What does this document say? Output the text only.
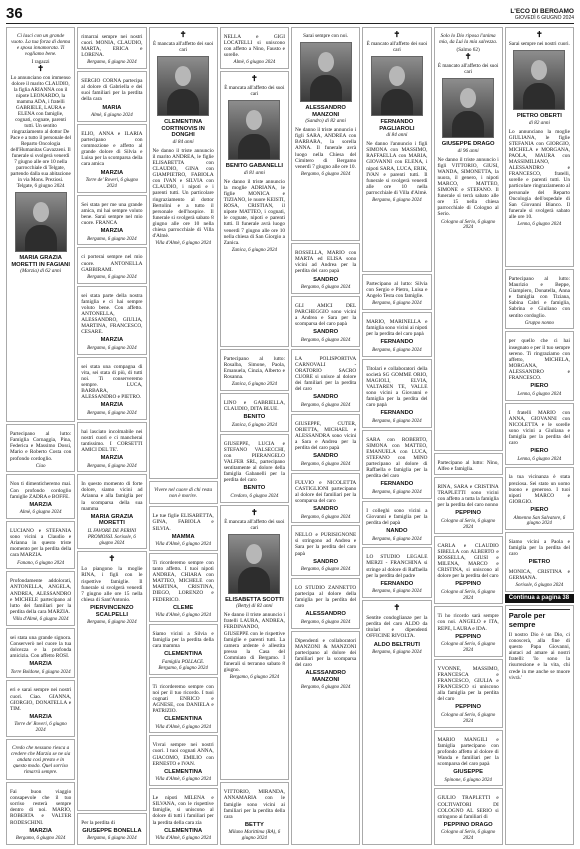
36	L'ECO DI BERGAMO
GIOVEDÌ 6 GIUGNO 2024
Ci lasci con un grande vuoto. La tua forza di donna e sposa innamorata. Ti vogliamo bene.
I ragazzi
✝
Lo annunciano con immenso dolore il marito CLAUDIO, la figlia ARIANNA con il nipote LEONARDO, la mamma ADA, i fratelli GABRIELE, LAURA e ELENA con famiglie, cognati, cognate, parenti tutti. Un sentito ringraziamento al dottor De Pace e a tutto il personale del Reparto Oncologia dell'Humanitas Gavazzeni. Il funerale si svolgerà venerdì 7 giugno alle ore 10 nella parrocchiale di Telgate, partendo dalla sua abitazione in via Mons. Preziosi. Telgate, 6 giugno 2024
MARIA GRAZIA MORETTI IN FAGIANI
(Marzia) di 62 anni
Partecipano al lutto: Famiglia Cornaggia, Pina, Federica e Massimo Dossi, Mario e Roberto Costa con profondo cordoglio.
Ciao
Non ti dimenticheremo mai. Con profondo cordoglio famiglie ZADRA e BOFFE.
MARZIA
Almè, 6 giugno 2024
LUCIANO e STEFANIA sono vicini a Claudio e Arianna in questo triste momento per la perdita della cara MARZIA.
Fanano, 6 giugno 2024
Profondamente addolorati, ANTONELLA, ANGELA, ANDREA, ALESSANDRO e MICHELE partecipano al lutto dei familiari per la perdita della cara MARZIA.
Villa d'Almè, 6 giugno 2024
sei stata una grande signora. Conserverò nel cuore la tua dolcezza e la profonda amicizia. Con affetto ROSI.
MARZIA
Torre Boldone, 6 giugno 2024
eri e sarai sempre nei nostri cuori. Ciao. GIANNA, GIORGIO, DONATELLA e TIM.
MARZIA
Torre de' Roveri, 6 giugno 2024
Credo che nessuno riesca a credere che Marzia se ne sia andata così presto e in questo modo. Quel sorriso rimarrà sempre.
Fai buon viaggio consapevole che il tuo sorriso resterà sempre dentro di noi. MARIO, ROBERTA e VALTER RODESCHINI.
MARZIA
Bergamo, 6 giugno 2024
rimarrai sempre nei nostri cuori. MONIA, CLAUDIO, MARTA, ERICA e LORENA.
Bergamo, 6 giugno 2024
SERGIO CORNA partecipa al dolore di Gabriella e dei suoi familiari per la perdita della cara
MARIA
Almè, 6 giugno 2024
ELIO, ANNA e ILARIA partecipano con commozione e affetto al grande dolore di Silvia e Luisa per la scomparsa della cara amica
MARZIA
Torre de' Roveri, 6 giugno 2024
Sei stata per me una grande amica, mi hai sempre voluto bene. Sarai sempre nel mio cuore. FRANCA
MARZIA
Bergamo, 6 giugno 2024
ci porterai sempre nel mio cuore. ANTONELLA GABBIRAMI.
Bergamo, 6 giugno 2024
sei stata parte della nostra famiglia e ci hai sempre voluto bene. Con affetto. ANTONELLA, ALESSANDRO, GIULIA, MARTINA, FRANCESCO, CESARE.
MARZIA
Bergamo, 6 giugno 2024
sei stata una compagna di vita, sei stata di più, di tutti noi. Ti conserveremo sempre. LUCA, BARBARA, ALESSANDRO e PIETRO.
MARZIA
Bergamo, 6 giugno 2024
hai lasciato incolmabile nei nostri cuori e ci mancherai tantissimo. I CORSETTI AMICI DEL TE'.
MARZIA
Bergamo, 6 giugno 2024
In questo momento di forte dolore, siamo vicini ad Arianna e alla famiglia per la scomparsa della sua mamma
MARIA GRAZIA MORETTI
IL FAVORE DE PERINI PROMOSSI. Sorisole, 6 giugno 2024
✝
Lo piangono la moglie RINA, i figli con le rispettive famiglie. Il funerale si svolgerà venerdì 7 giugno alle ore 15 nella chiesa di Sant'Antonio.
PIERVINCENZO SCALPELLI
Bergamo, 6 giugno 2024
Per la perdita di
GIUSEPPE BONELLA
Bergamo, 6 giugno 2024
✝
È mancata all'affetto dei suoi cari
CLEMENTINA CORTINOVIS IN DONGHI
di 84 anni
Ne danno il triste annuncio il marito ANDREA, le figlie ELISABETTA con CLAUDIO, GINA con GIAMPIETRO, FABIOLA con IVAN e SILVIA con CLAUDIO, i nipoti e i parenti tutti. Un particolare ringraziamento al dottor Bertolini e a tutto il personale dell'hospice. Il funerale si svolgerà sabato 8 giugno alle ore 10 nella chiesa parrocchiale di Villa d'Almè.
Villa d'Almè, 6 giugno 2024
Vivere nel cuore di chi resta non è morire.
Le tue figlie ELISABETTA, GINA, FABIOLA e SILVIA.
MAMMA
Villa d'Almè, 6 giugno 2024
Ti ricorderemo sempre con tanto affetto. I tuoi nipoti ANDREA, CHIARA con MATTEO, MICHELE con MARTINA, CRISTINA, DIEGO, LORENZO e FEDERICO.
CLEME
Villa d'Almè, 6 giugno 2024
Siamo vicini a Silvia e famiglia per la perdita della cara mamma
CLEMENTINA
Famiglia POLLACE. Bergamo, 6 giugno 2024
Ti ricorderemo sempre con noi per il tuo ricordo. I tuoi cognati ENRICO e AGNESE, con DANIELA e PATRIZIO.
CLEMENTINA
Villa d'Almè, 6 giugno 2024
Vivrai sempre nei nostri cuori. I tuoi cognati ANNA, GIACOMO, EMILIO con ERNESTO e IVAN.
CLEMENTINA
Villa d'Almè, 6 giugno 2024
Le nipoti MILENA e SILVANA, con le rispettive famiglie, si uniscono al dolore di tutti i familiari per la perdita della cara zia
CLEMENTINA
Villa d'Almè, 6 giugno 2024
NELLA e GIGI LOCATELLI si uniscono con affetto a Nino, Fausto e sorelle.
Almè, 6 giugno 2024
✝
È mancata all'affetto dei suoi cari
BENITO GABANELLI
di 81 anni
Ne danno il triste annuncio la moglie ADRIANA, le figlie MONICA e TIZIANO, le nuore KEISTI, ROSA, CRISTIAN, il nipote MATTEO, i cognati, le cognate, nipoti e parenti tutti. Il funerale avrà luogo venerdì 7 giugno alle ore 10 nella chiesa di San Giorgio a Zanica.
Zanica, 6 giugno 2024
Partecipano al lutto: Rosalba, Simone, Paola, Emanuela, Cinzia, Alberto e Rosanna.
Zanica, 6 giugno 2024
LINO e GABRIELLA, CLAUDIO, DITA BLUE.
BENITO
Zanica, 6 giugno 2024
GIUSEPPE, LUCIA e STEFANO VALSECCHI, con PIERANGELO VALFER SRL, partecipano sentitamente al dolore della famiglia Gabanelli per la perdita del caro
BENITO
Credaro, 6 giugno 2024
✝
È mancata all'affetto dei suoi cari
ELISABETTA SCOTTI
(Betty) di 82 anni
Ne danno il triste annuncio i fratelli LAURA, ANDREA, FERDINANDO, GIUSEPPE con le rispettive famiglie e parenti tutti. La camera ardente è allestita presso la Casa del Commiato di Bergamo. I funerali si terranno sabato 8 giugno.
Bergamo, 6 giugno 2024
VITTORIO, MIRANDA, ANNAMARIA con le famiglie sono vicini ai familiari per la perdita della cara
BETTY
Milano Marittima (RA), 6 giugno 2024
Sarai sempre con noi.
ALESSANDRO MANZONI
(Sandro) di 82 anni
Ne danno il triste annuncio i figli SARA, ANDREA con BARBARA, la sorella ANNA. Il funerale avrà luogo nella Chiesa del Cimitero di Bergamo venerdì 7 giugno alle ore 10.
Bergamo, 6 giugno 2024
ROSSELLA, MARIO con MARTA ed ELISA sono vicini ad Andrea per la perdita del caro papà
SANDRO
Bergamo, 6 giugno 2024
GLI AMICI DEL PARCHEGGIO sono vicini a Andrea e Sara per la scomparsa del caro papà
SANDRO
Bergamo, 6 giugno 2024
LA POLISPORTIVA CARNOVALI - ORATORIO SACRO CUORE si unisce al dolore dei familiari per la perdita del caro
SANDRO
Bergamo, 6 giugno 2024
GIUSEPPE, CUTER, ORIETTA, MICHAEL e ALESSANDRA sono vicini a Sara e Andrea per la perdita del caro papà
SANDRO
Bergamo, 6 giugno 2024
FULVIO e NICOLETTA CASTIGLIONI partecipano al dolore dei familiari per la scomparsa del caro
SANDRO
Bergamo, 6 giugno 2024
NELLO e PURISIGNONE si stringono ad Andrea e Sara per la perdita del caro papà
SANDRO
Bergamo, 6 giugno 2024
LO STUDIO ZANNETTO partecipa al dolore della famiglia per la perdita del caro
ALESSANDRO
Bergamo, 6 giugno 2024
Dipendenti e collaboratori MANZONI & MANZONI partecipano al dolore dei familiari per la scomparsa del caro
ALESSANDRO MANZONI
Bergamo, 6 giugno 2024
✝
È mancato all'affetto dei suoi cari
FERNANDO PAGLIAROLI
di 84 anni
Ne danno l'annuncio i figli SIMONA con MASSIMO, RAFFAELLA con MARIA, GIOVANNI con ELENA, i nipoti SARA, LUCA, ERIK, IVAN e parenti tutti. Il funerale si svolgerà venerdì alle ore 10 nella parrocchiale di Villa d'Almè.
Bergamo, 6 giugno 2024
Partecipano al lutto: Silvia con Sergio e Pietro, Luisa e Angelo Testa con famiglie.
Bergamo, 6 giugno 2024
MARIO, MARINELLA e famiglia sono vicini ai nipoti per la perdita del caro papà
FERNANDO
Bergamo, 6 giugno 2024
Titolari e collaboratori della società SG GOMME ORIO, MAGIOLI, ELVIA, VALTAREN TE, VALLE sono vicini a Giovanni e famiglia per la perdita del caro papà
FERNANDO
Bergamo, 6 giugno 2024
SARA con ROBERTO, SIMONA con MATTEO, EMANUELA con LUCA, STEFANO con MINO partecipano al dolore di Raffaella e famiglia per la perdita del caro
FERNANDO
Bergamo, 6 giugno 2024
I colleghi sono vicini a Giovanni e famiglia per la perdita del papà
NANDO
Bergamo, 6 giugno 2024
LO STUDIO LEGALE MERZI - FRANCHINA si stringe al dolore di Raffaella per la perdita del padre
FERNANDO
Bergamo, 6 giugno 2024
✝
Sentite condoglianze per la perdita del caro ALDO da titolari e dipendenti OFFICINE RIVOLTA.
ALDO BELTRUTI
Bergamo, 6 giugno 2024
Solo lo Dio riposa l'anima mia, da Lui la mia salvezza.
(Salmo 62)
✝
È mancato all'affetto dei suoi cari
GIUSEPPE DRAGO
di 96 anni
Ne danno il triste annuncio i figli VITTORIO, GIUSI, WANDA, SIMONETTA, la nuora, il genero, i nipoti MARCO, MATTEO, SIMONE e STEFANO. Il funerale si terrà sabato alle ore 15 nella chiesa parrocchiale di Cologno al Serio.
Cologno al Serio, 6 giugno 2024
Partecipano al lutto: Nino, Alfeo e famiglia.
RINA, SARA e CRISTINA TRAPLETTI sono vicini con affetto a tutta la famiglia per la perdita del caro nonno
PEPPINO
Cologno al Serio, 6 giugno 2024
CARLA e CLAUDIO SIBELLA con ALBERTO e ROSSELLA, GIUSI e MILENA, MARCO e CRISTINA, si uniscono al dolore per la perdita del caro
PEPPINO
Cologno al Serio, 6 giugno 2024
Ti ho ricordo sarà sempre con noi. ANGELO e ITA, REPE, LAURA e IDA.
PEPPINO
Cologno al Serio, 6 giugno 2024
YVONNE, MASSIMO, FRANCESCA e FRANCESCO, GIULIA e FRANCESCO si uniscono alla famiglia per la perdita del caro
PEPPINO
Cologno al Serio, 6 giugno 2024
MARIO MANGILI e famiglia partecipano con profondo affetto al dolore di Wanda e familiari per la scomparsa del caro papà
GIUSEPPE
Spinone, 6 giugno 2024
GIULIO TRAPLETTI e COLTIVATORI DI COLOGNO AL SERIO si stringono ai familiari di
PEPPINO DRAGO
Cologno al Serio, 6 giugno 2024
✝
Sarai sempre nei nostri cuori.
PIETRO OBERTI
di 82 anni
Lo annunciano la moglie GIULIANA, le figlie STEFANIA con GIORGIO, MICHELA e MORGANA, PAOLA, MAURA con MASSIMILIANO, ALESSANDRO e FRANCESCO, fratelli, sorelle e parenti tutti. Un particolare ringraziamento al personale del Reparto Oncologia dell'ospedale di San Giovanni Bianco. Il funerale si svolgerà sabato alle ore 10.
Lenna, 6 giugno 2024
Partecipano al lutto: Maurizio e Beppe, Giampiero, Donatella, Anna e famiglia con Tiziana, Sabina Cabri e famiglia, Sabrina e Giuliano con sentito cordoglio.
Gruppo nonno
per quello che ci hai insegnato e per il tuo sempre sereno. Ti ringraziamo con affetto, MICHELA, MORGANA, ALESSANDRO e FRANCESCO.
PIERO
Lenna, 6 giugno 2024
I fratelli MARIO con ANNA, GIOVANNI con NICOLETTA e le sorelle sono vicini a Giuliana e famiglia per la perdita del caro
PIERO
Lenna, 6 giugno 2024
la tua vicinanza è stata preziosa. Sei stato un uomo buono e generoso. I tuoi nipoti MARCO e GIORGIO.
PIERO
Almenno San Salvatore, 6 giugno 2024
Siamo vicini a Paola e famiglia per la perdita del caro
PIETRO
MONICA, CRISTINA e GERMANA.
Sorisole, 6 giugno 2024
Continua a pagina 38
Parole per sempre
Il nostro Dio è un Dio, ci conoscerà, alla fine di questo Papa Giovanni, aiutaci ad amare ai nostri fratelli: 'Io sono la risurrezione e la vita, chi crede in me anche se muore vivrà.'
